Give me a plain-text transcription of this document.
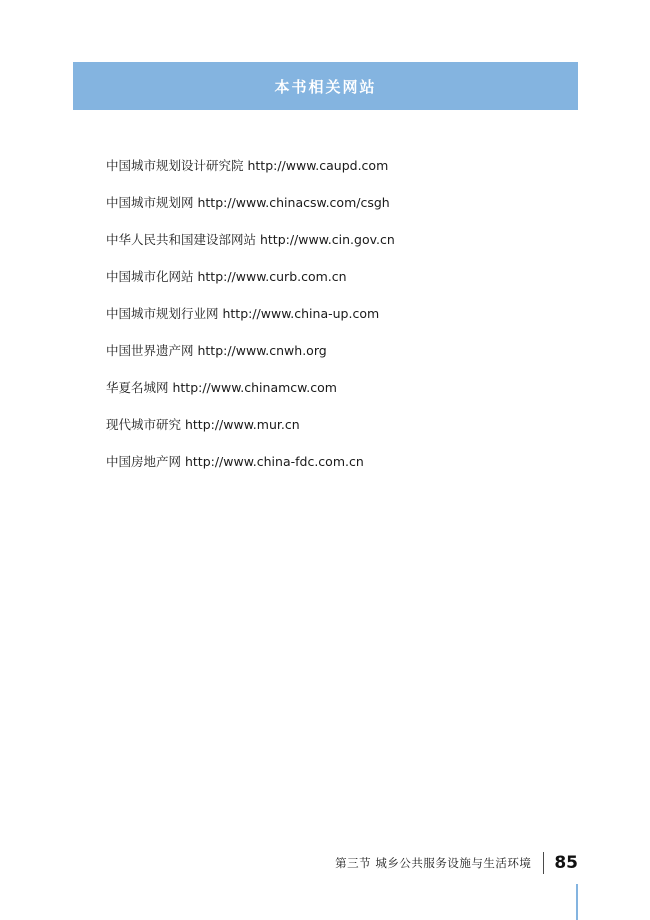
本书相关网站
中国城市规划设计研究院 http://www.caupd.com
中国城市规划网 http://www.chinacsw.com/csgh
中华人民共和国建设部网站 http://www.cin.gov.cn
中国城市化网站 http://www.curb.com.cn
中国城市规划行业网 http://www.china-up.com
中国世界遗产网 http://www.cnwh.org
华夏名城网 http://www.chinamcw.com
现代城市研究 http://www.mur.cn
中国房地产网 http://www.china-fdc.com.cn
第三节 城乡公共服务设施与生活环境 85
